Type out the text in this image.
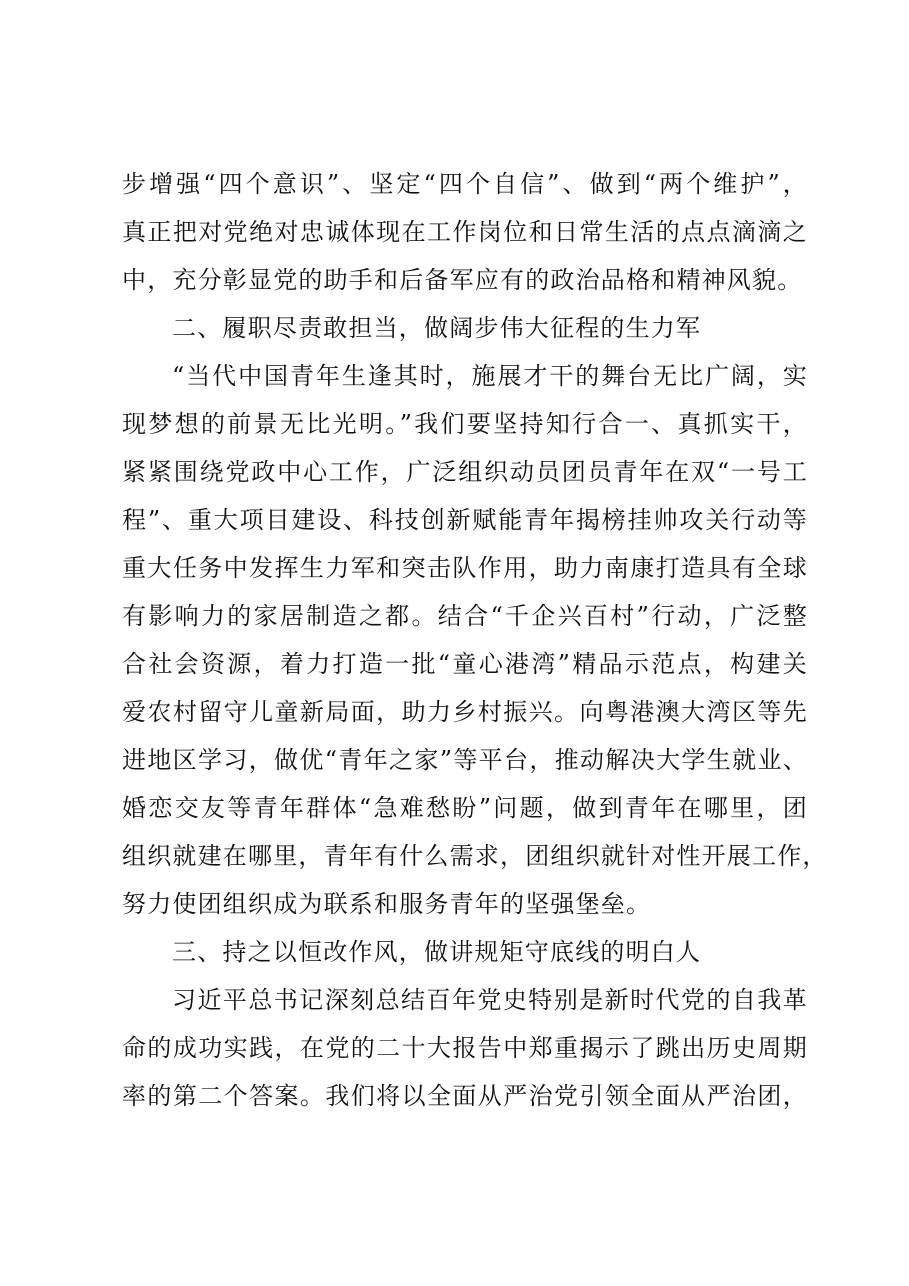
步增强“四个意识”、坚定“四个自信”、做到“两个维护”，
真正把对党绝对忠诚体现在工作岗位和日常生活的点点滴滴之
中，充分彰显党的助手和后备军应有的政治品格和精神风貌。
二、履职尽责敢担当，做阔步伟大征程的生力军
“当代中国青年生逢其时，施展才干的舞台无比广阔，实
现梦想的前景无比光明。”我们要坚持知行合一、真抓实干，
紧紧围绕党政中心工作，广泛组织动员团员青年在双“一号工
程”、重大项目建设、科技创新赋能青年揭榜挂帅攻关行动等
重大任务中发挥生力军和突击队作用，助力南康打造具有全球
有影响力的家居制造之都。结合“千企兴百村”行动，广泛整
合社会资源，着力打造一批“童心港湾”精品示范点，构建关
爱农村留守儿童新局面，助力乡村振兴。向粤港澳大湾区等先
进地区学习，做优“青年之家”等平台，推动解决大学生就业、
婚恋交友等青年群体“急难愁盼”问题，做到青年在哪里，团
组织就建在哪里，青年有什么需求，团组织就针对性开展工作，
努力使团组织成为联系和服务青年的坚强堡垒。
三、持之以恒改作风，做讲规矩守底线的明白人
习近平总书记深刻总结百年党史特别是新时代党的自我革
命的成功实践，在党的二十大报告中郑重揭示了跳出历史周期
率的第二个答案。我们将以全面从严治党引领全面从严治团，
